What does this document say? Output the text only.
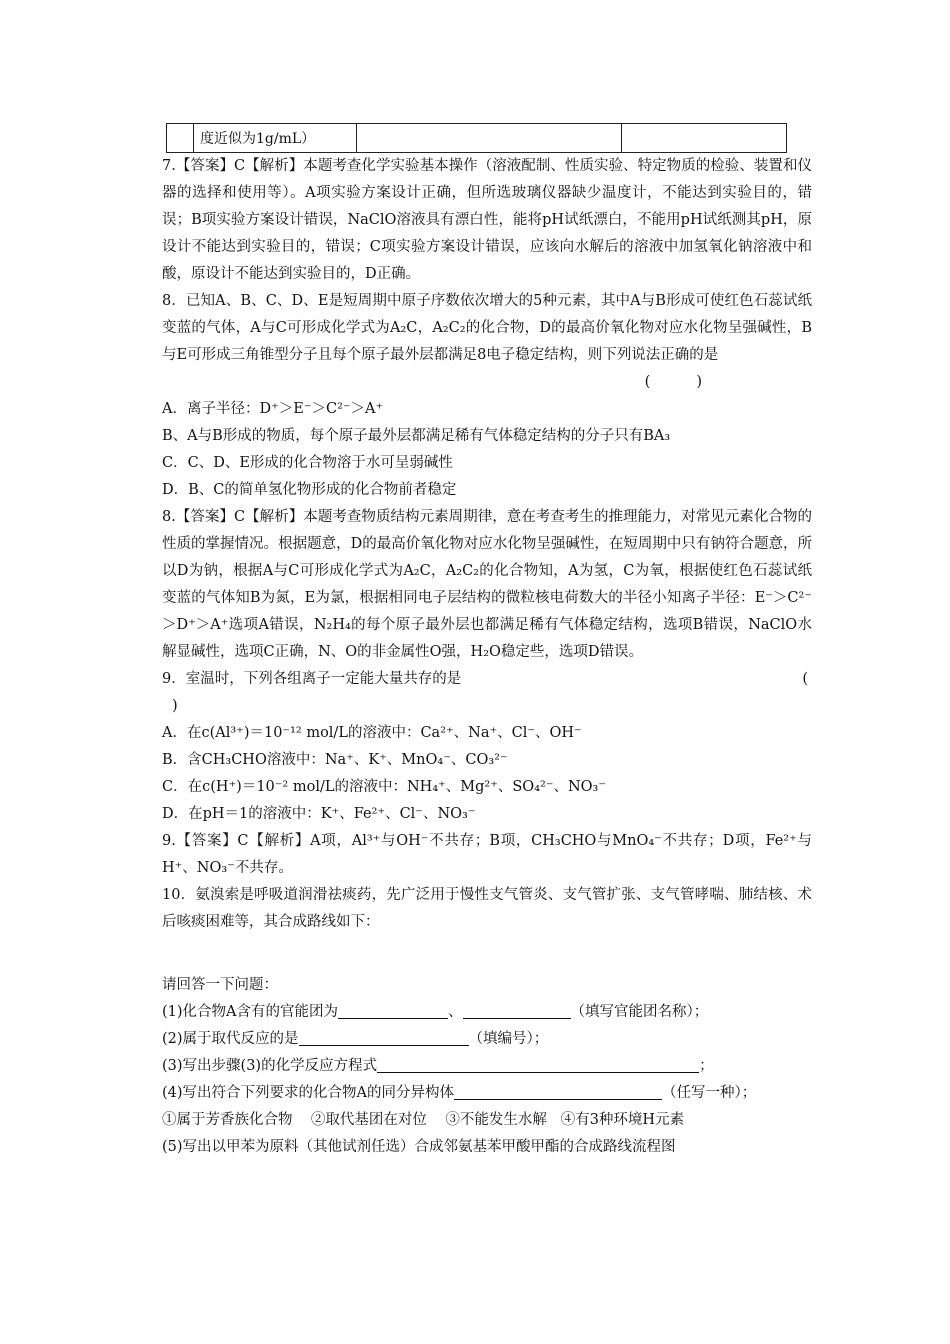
	度近似为1g/mL）		

7.【答案】C【解析】本题考查化学实验基本操作（溶液配制、性质实验、特定物质的检验、装置和仪器的选择和使用等）。A项实验方案设计正确，但所选玻璃仪器缺少温度计，不能达到实验目的，错误；B项实验方案设计错误，NaClO溶液具有漂白性，能将pH试纸漂白，不能用pH试纸测其pH，原设计不能达到实验目的，错误；C项实验方案设计错误，应该向水解后的溶液中加氢氧化钠溶液中和酸，原设计不能达到实验目的，D正确。

8．已知A、B、C、D、E是短周期中原子序数依次增大的5种元素，其中A与B形成可使红色石蕊试纸变蓝的气体，A与C可形成化学式为A₂C，A₂C₂的化合物，D的最高价氧化物对应水化物呈强碱性，B与E可形成三角锥型分子且每个原子最外层都满足8电子稳定结构，则下列说法正确的是

(          )

A．离子半径：D⁺＞E⁻＞C²⁻＞A⁺

B、A与B形成的物质，每个原子最外层都满足稀有气体稳定结构的分子只有BA₃

C．C、D、E形成的化合物溶于水可呈弱碱性

D．B、C的简单氢化物形成的化合物前者稳定

8.【答案】C【解析】本题考查物质结构元素周期律，意在考查考生的推理能力，对常见元素化合物的性质的掌握情况。根据题意，D的最高价氧化物对应水化物呈强碱性，在短周期中只有钠符合题意，所以D为钠，根据A与C可形成化学式为A₂C，A₂C₂的化合物知，A为氢，C为氧，根据使红色石蕊试纸变蓝的气体知B为氮，E为氯，根据相同电子层结构的微粒核电荷数大的半径小知离子半径：E⁻＞C²⁻＞D⁺＞A⁺选项A错误，N₂H₄的每个原子最外层也都满足稀有气体稳定结构，选项B错误，NaClO水解显碱性，选项C正确，N、O的非金属性O强，H₂O稳定些，选项D错误。

9．室温时，下列各组离子一定能大量共存的是	(

)

A．在c(Al³⁺)＝10⁻¹² mol/L的溶液中：Ca²⁺、Na⁺、Cl⁻、OH⁻

B．含CH₃CHO溶液中：Na⁺、K⁺、MnO₄⁻、CO₃²⁻

C．在c(H⁺)＝10⁻² mol/L的溶液中：NH₄⁺、Mg²⁺、SO₄²⁻、NO₃⁻

D．在pH＝1的溶液中：K⁺、Fe²⁺、Cl⁻、NO₃⁻

9.【答案】C【解析】A项，Al³⁺与OH⁻不共存；B项，CH₃CHO与MnO₄⁻不共存；D项，Fe²⁺与H⁺、NO₃⁻不共存。

10．氨溴索是呼吸道润滑祛痰药，先广泛用于慢性支气管炎、支气管扩张、支气管哮喘、肺结核、术后咳痰困难等，其合成路线如下：

请回答一下问题：

(1)化合物A含有的官能团为	、	（填写官能团名称）；

(2)属于取代反应的是	（填编号）；

(3)写出步骤(3)的化学反应方程式	；

(4)写出符合下列要求的化合物A的同分异构体	（任写一种）；

①属于芳香族化合物    ②取代基团在对位    ③不能发生水解   ④有3种环境H元素

(5)写出以甲苯为原料（其他试剂任选）合成邻氨基苯甲酸甲酯的合成路线流程图
